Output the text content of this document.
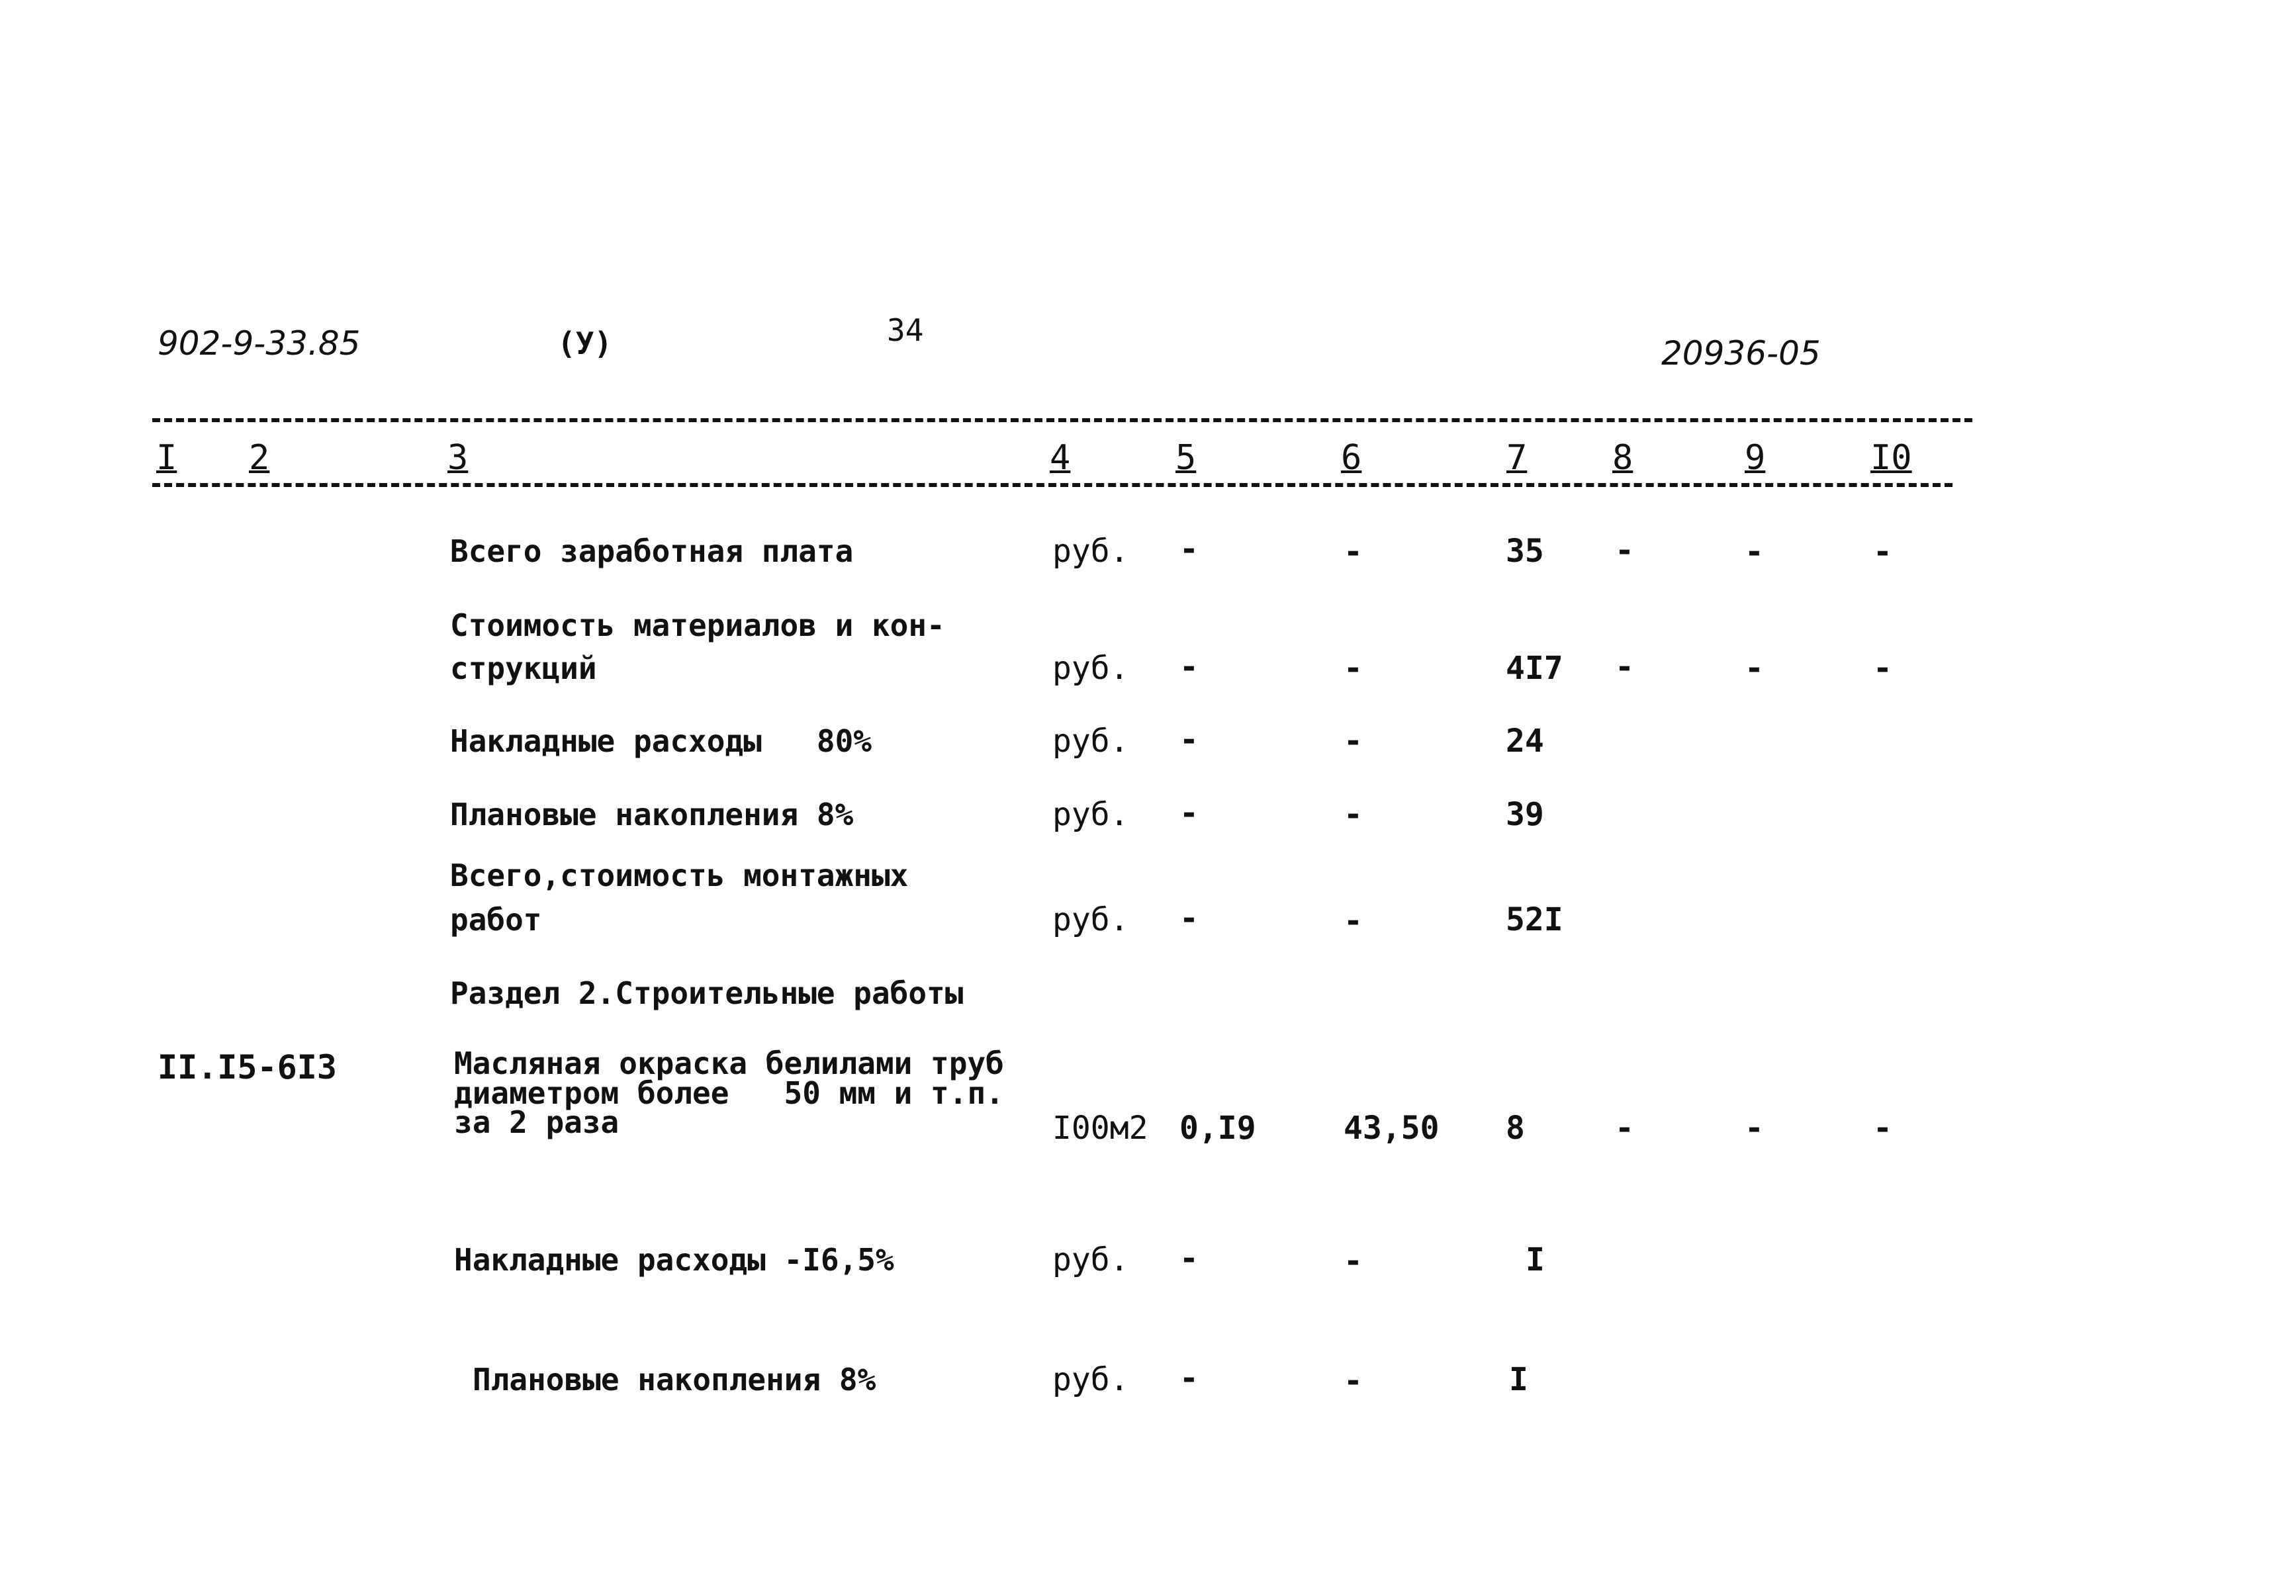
902-9-33.85	(У)	34
20936-05
I 2	3	4	5	6	7 8	9	I0
Всего заработная плата	руб. -	-	35 -	-	-
Стоимость материалов и кон-
струкций	руб. -	-	4I7 -	-	-
Накладные расходы   80%	руб. -	-	24
Плановые накопления 8%	руб. -	-	39
Всего,стоимость монтажных
работ	руб. -	-	52I
Раздел 2.Строительные работы
II.I5-6I3	Масляная окраска белилами труб
диаметром более   50 мм и т.п.
за 2 раза	I00м2 0,I9	43,50 8	-	-	-
Накладные расходы -I6,5%	руб. -	-	I
Плановые накопления 8%	руб. -	-	I
